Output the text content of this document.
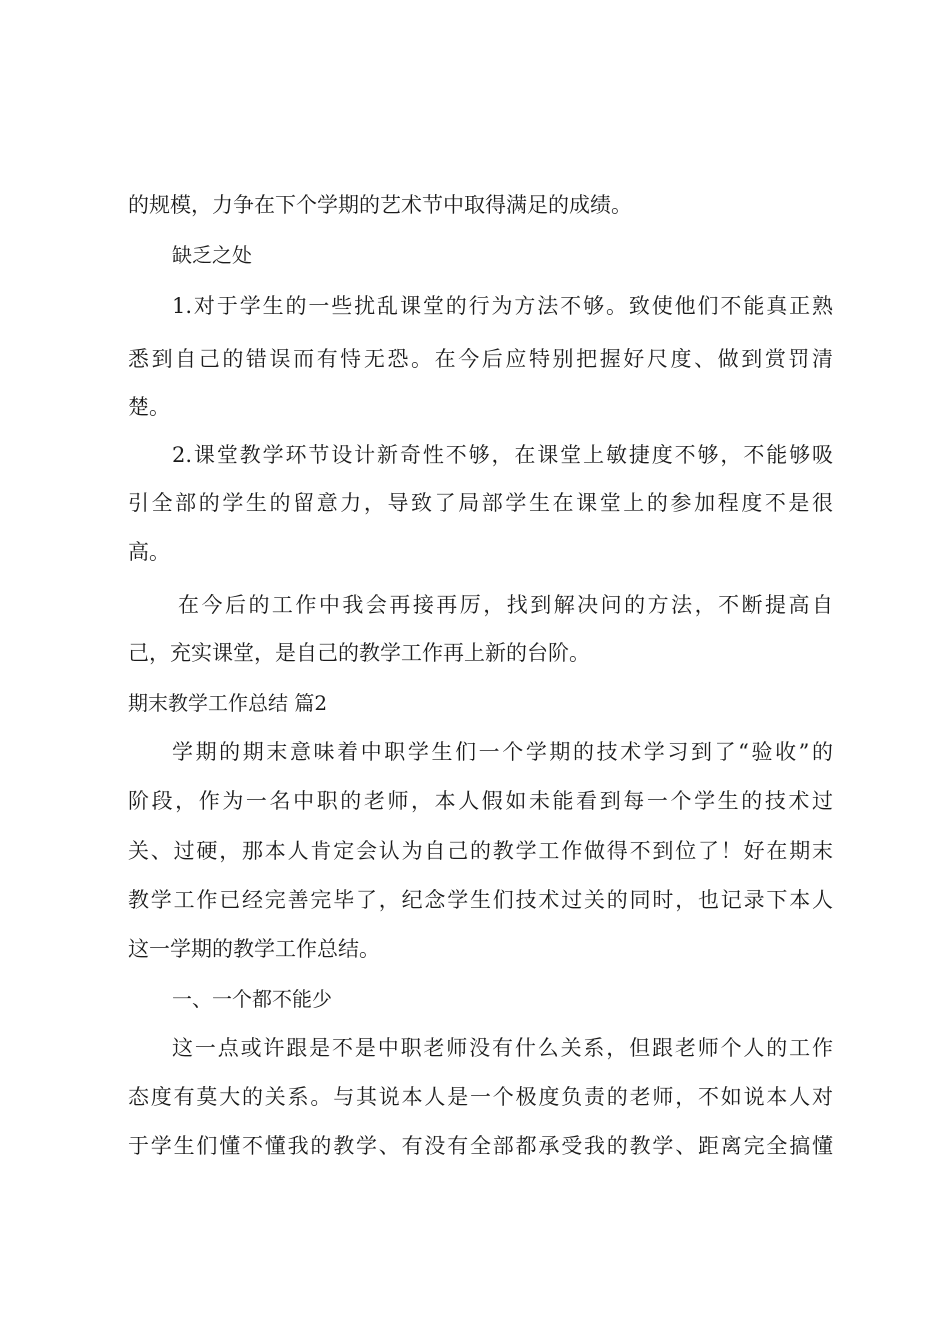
的规模，力争在下个学期的艺术节中取得满足的成绩。
缺乏之处
1.对于学生的一些扰乱课堂的行为方法不够。致使他们不能真正熟
悉到自己的错误而有恃无恐。在今后应特别把握好尺度、做到赏罚清
楚。
2.课堂教学环节设计新奇性不够，在课堂上敏捷度不够，不能够吸
引全部的学生的留意力，导致了局部学生在课堂上的参加程度不是很
高。
在今后的工作中我会再接再厉，找到解决问的方法，不断提高自
己，充实课堂，是自己的教学工作再上新的台阶。
期末教学工作总结 篇2
学期的期末意味着中职学生们一个学期的技术学习到了“验收”的
阶段，作为一名中职的老师，本人假如未能看到每一个学生的技术过
关、过硬，那本人肯定会认为自己的教学工作做得不到位了！好在期末
教学工作已经完善完毕了，纪念学生们技术过关的同时，也记录下本人
这一学期的教学工作总结。
一、一个都不能少
这一点或许跟是不是中职老师没有什么关系，但跟老师个人的工作
态度有莫大的关系。与其说本人是一个极度负责的老师，不如说本人对
于学生们懂不懂我的教学、有没有全部都承受我的教学、距离完全搞懂
